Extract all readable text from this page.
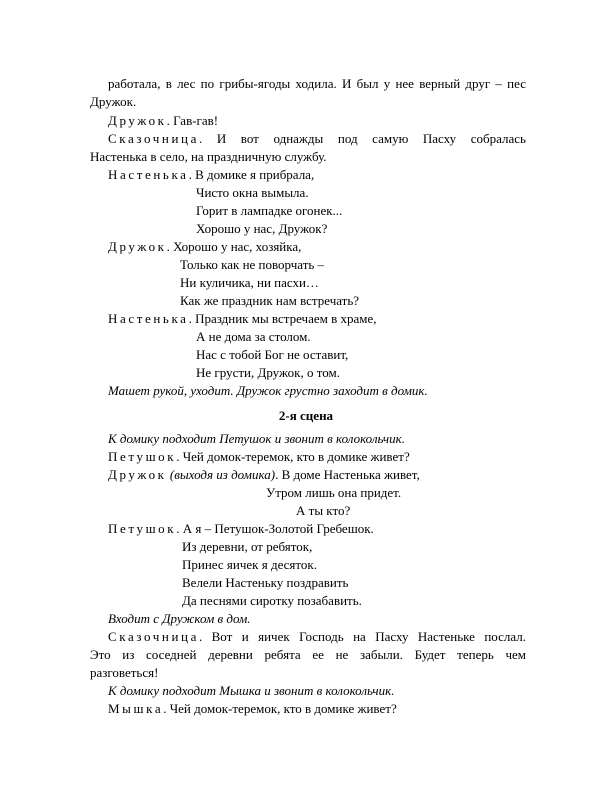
работала, в лес по грибы-ягоды ходила. И был у нее верный друг – пес
Дружок.
Дружок. Гав-гав!
Сказочница. И вот однажды под самую Пасху собралась
Настенька в село, на праздничную службу.
Настенька. В домике я прибрала,
Чисто окна вымыла.
Горит в лампадке огонек...
Хорошо у нас, Дружок?
Дружок. Хорошо у нас, хозяйка,
Только как не поворчать –
Ни куличика, ни пасхи…
Как же праздник нам встречать?
Настенька. Праздник мы встречаем в храме,
А не дома за столом.
Нас с тобой Бог не оставит,
Не грусти, Дружок, о том.
Машет рукой, уходит. Дружок грустно заходит в домик.
2-я сцена
К домику подходит Петушок и звонит в колокольчик.
Петушок. Чей домок-теремок, кто в домике живет?
Дружок (выходя из домика). В доме Настенька живет,
Утром лишь она придет.
А ты кто?
Петушок. А я – Петушок-Золотой Гребешок.
Из деревни, от ребяток,
Принес яичек я десяток.
Велели Настеньку поздравить
Да песнями сиротку позабавить.
Входит с Дружком в дом.
Сказочница. Вот и яичек Господь на Пасху Настеньке послал.
Это из соседней деревни ребята ее не забыли. Будет теперь чем
разговеться!
К домику подходит Мышка и звонит в колокольчик.
Мышка. Чей домок-теремок, кто в домике живет?
